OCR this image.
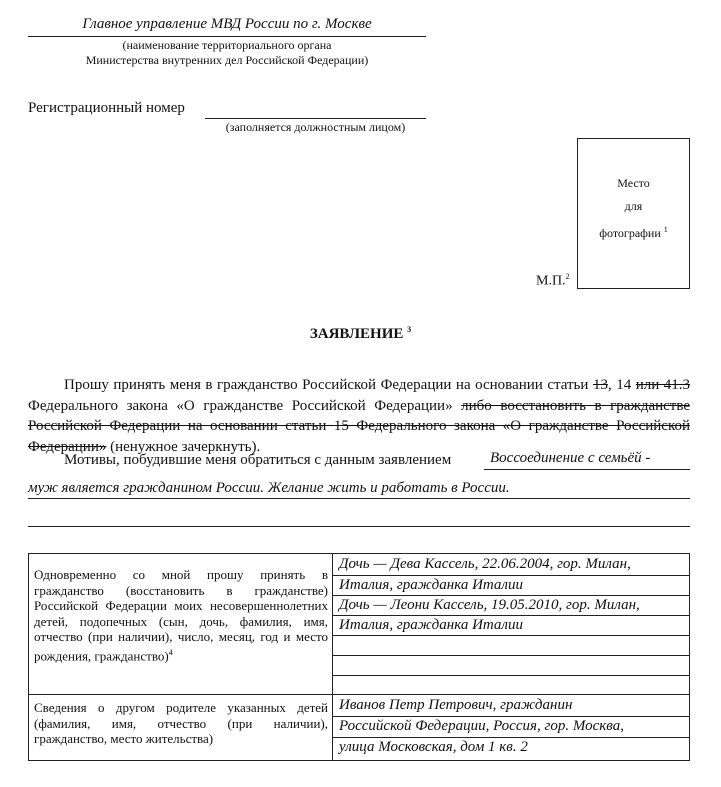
Главное управление МВД России по г. Москве
(наименование территориального органа
Министерства внутренних дел Российской Федерации)
Регистрационный номер
(заполняется должностным лицом)
Место
для
фотографии $^1$
М.П.$^2$
ЗАЯВЛЕНИЕ $^3$
Прошу принять меня в гражданство Российской Федерации на основании статьи 13, 14 или 41.3 Федерального закона «О гражданстве Российской Федерации» либо восстановить в гражданстве Российской Федерации на основании статьи 15 Федерального закона «О гражданстве Российской Федерации» (ненужное зачеркнуть).
Мотивы, побудившие меня обратиться с данным заявлением	Воссоединение с семьёй -
муж является гражданином России. Желание жить и работать в России.
Одновременно со мной прошу принять в гражданство (восстановить в гражданстве) Российской Федерации моих несовершеннолетних детей, подопечных (сын, дочь, фамилия, имя, отчество (при наличии), число, месяц, год и место рождения, гражданство)$^4$
Дочь — Дева Кассель, 22.06.2004, гор. Милан,
Италия, гражданка Италии
Дочь — Леони Кассель, 19.05.2010, гор. Милан,
Италия, гражданка Италии
Сведения о другом родителе указанных детей (фамилия, имя, отчество (при наличии), гражданство, место жительства)
Иванов Петр Петрович, гражданин
Российской Федерации, Россия, гор. Москва,
улица Московская, дом 1 кв. 2
